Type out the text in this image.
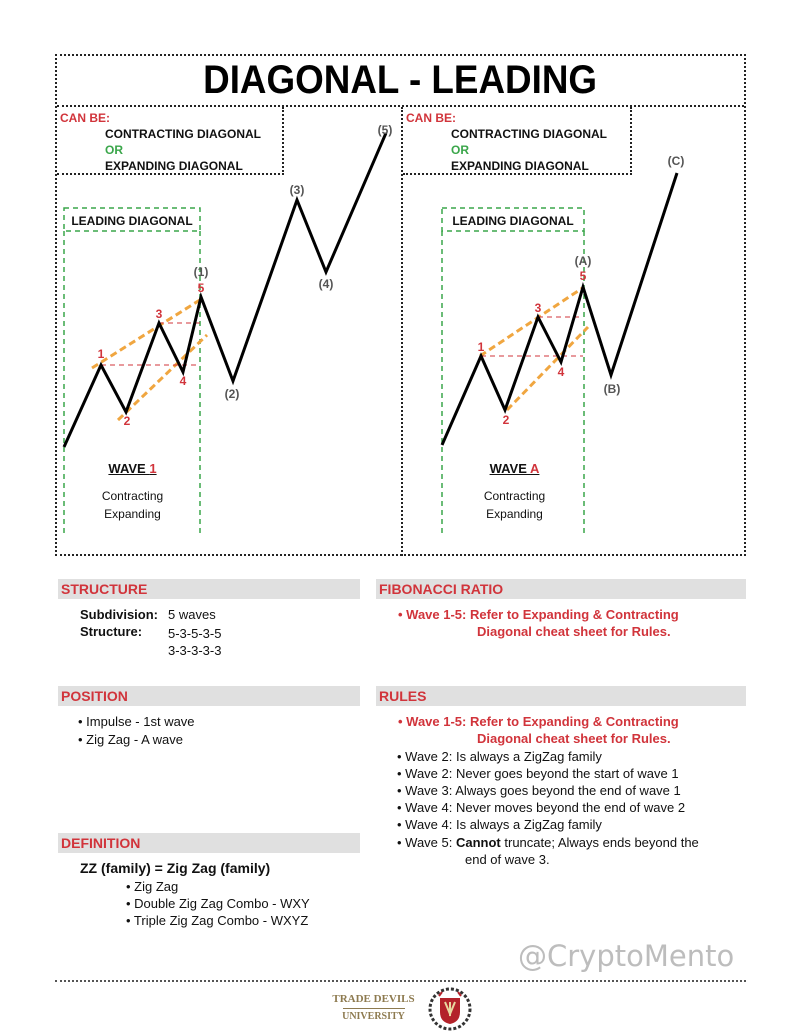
DIAGONAL - LEADING
CAN BE:
CONTRACTING DIAGONAL
OR
EXPANDING DIAGONAL
CAN BE:
CONTRACTING DIAGONAL
OR
EXPANDING DIAGONAL
1
2
3
4
5
(1)
(2)
(3)
(4)
(5)
1
2
3
4
5
(A)
(B)
(C)
LEADING DIAGONAL	LEADING DIAGONAL
WAVE 1
Contracting
Expanding
WAVE A
Contracting
Expanding
STRUCTURE
Subdivision: 5 waves
Structure: 5-3-5-3-5
3-3-3-3-3
POSITION
• Impulse - 1st wave
• Zig Zag - A wave
DEFINITION
ZZ (family) = Zig Zag (family)
• Zig Zag
• Double Zig Zag Combo - WXY
• Triple Zig Zag Combo - WXYZ
FIBONACCI RATIO
• Wave 1-5: Refer to Expanding & Contracting
Diagonal cheat sheet for Rules.
RULES
• Wave 1-5: Refer to Expanding & Contracting
Diagonal cheat sheet for Rules.
• Wave 2: Is always a ZigZag family
• Wave 2: Never goes beyond the start of wave 1
• Wave 3: Always goes beyond the end of wave 1
• Wave 4: Never moves beyond the end of wave 2
• Wave 4: Is always a ZigZag family
• Wave 5: Cannot truncate; Always ends beyond the
end of wave 3.
@CryptoMento
TRADE DEVILS
UNIVERSITY
